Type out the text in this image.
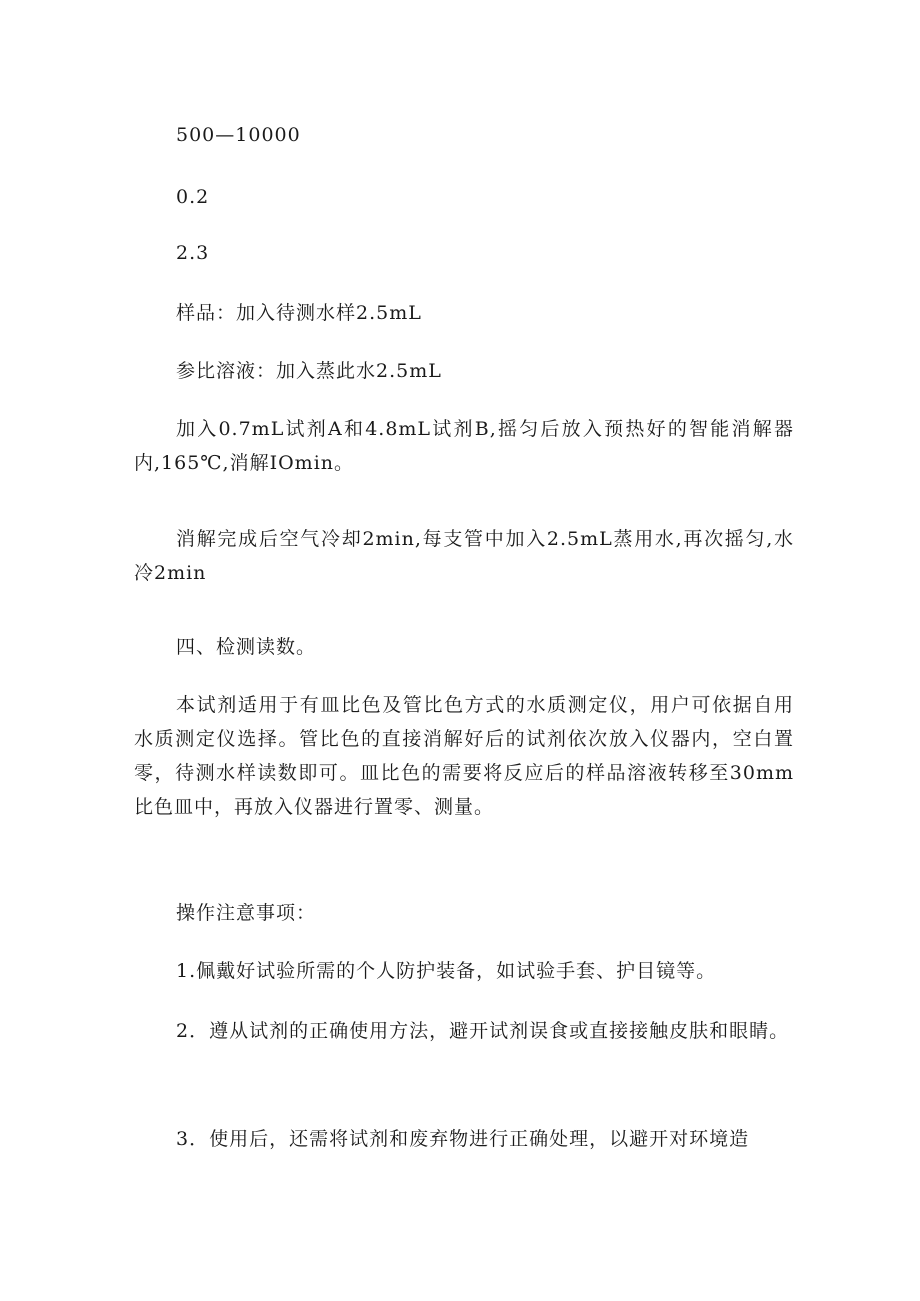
500—10000
0.2
2.3
样品：加入待测水样2.5mL
参比溶液：加入蒸此水2.5mL
加入0.7mL试剂A和4.8mL试剂B,摇匀后放入预热好的智能消解器内,165℃,消解IOmin。
消解完成后空气冷却2min,每支管中加入2.5mL蒸用水,再次摇匀,水冷2min
四、检测读数。
本试剂适用于有皿比色及管比色方式的水质测定仪，用户可依据自用水质测定仪选择。管比色的直接消解好后的试剂依次放入仪器内，空白置零，待测水样读数即可。皿比色的需要将反应后的样品溶液转移至30mm比色皿中，再放入仪器进行置零、测量。
操作注意事项：
1.佩戴好试验所需的个人防护装备，如试验手套、护目镜等。
2．遵从试剂的正确使用方法，避开试剂误食或直接接触皮肤和眼睛。
3．使用后，还需将试剂和废弃物进行正确处理，以避开对环境造
